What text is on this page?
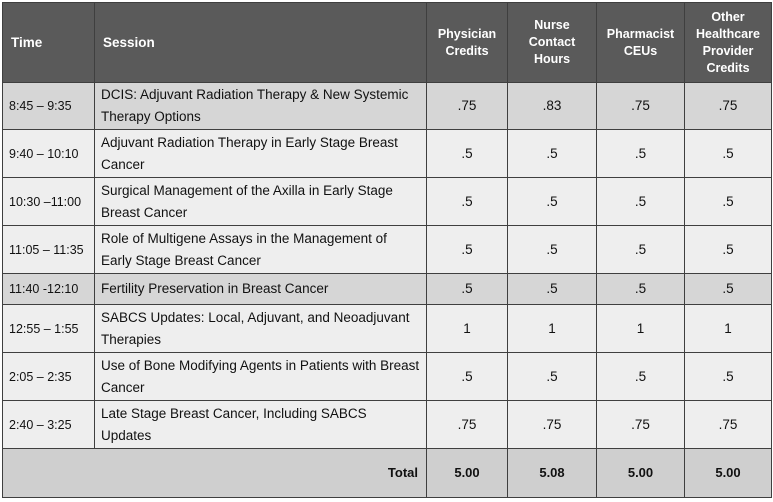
Time	Session	Physician Credits	Nurse Contact Hours	Pharmacist CEUs	Other Healthcare Provider Credits
8:45 – 9:35	DCIS: Adjuvant Radiation Therapy & New Systemic Therapy Options	.75	.83	.75	.75
9:40 – 10:10	Adjuvant Radiation Therapy in Early Stage Breast Cancer	.5	.5	.5	.5
10:30 –11:00	Surgical Management of the Axilla in Early Stage Breast Cancer	.5	.5	.5	.5
11:05 – 11:35	Role of Multigene Assays in the Management of Early Stage Breast Cancer	.5	.5	.5	.5
11:40 -12:10	Fertility Preservation in Breast Cancer	.5	.5	.5	.5
12:55 – 1:55	SABCS Updates: Local, Adjuvant, and Neoadjuvant Therapies	1	1	1	1
2:05 – 2:35	Use of Bone Modifying Agents in Patients with Breast Cancer	.5	.5	.5	.5
2:40 – 3:25	Late Stage Breast Cancer, Including SABCS Updates	.75	.75	.75	.75
Total		5.00	5.08	5.00	5.00
